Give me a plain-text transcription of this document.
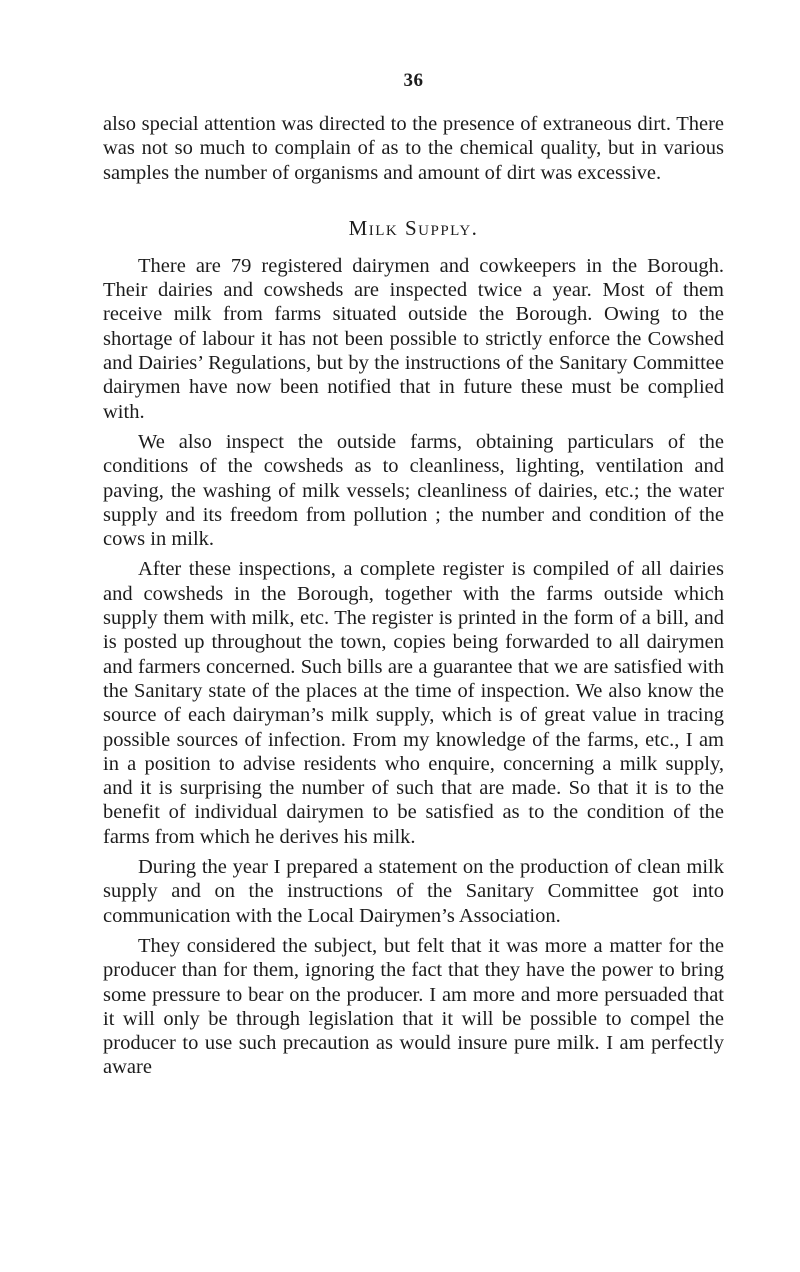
36

also special attention was directed to the presence of extraneous dirt. There was not so much to complain of as to the chemical quality, but in various samples the number of organisms and amount of dirt was excessive.

Milk Supply.

There are 79 registered dairymen and cowkeepers in the Borough. Their dairies and cowsheds are inspected twice a year. Most of them receive milk from farms situated outside the Borough. Owing to the shortage of labour it has not been possible to strictly enforce the Cowshed and Dairies’ Regulations, but by the instructions of the Sanitary Committee dairymen have now been notified that in future these must be complied with.

We also inspect the outside farms, obtaining particulars of the conditions of the cowsheds as to cleanliness, lighting, ventilation and paving, the washing of milk vessels; cleanliness of dairies, etc.; the water supply and its freedom from pollution ; the number and condition of the cows in milk.

After these inspections, a complete register is compiled of all dairies and cowsheds in the Borough, together with the farms outside which supply them with milk, etc. The register is printed in the form of a bill, and is posted up throughout the town, copies being forwarded to all dairymen and farmers concerned. Such bills are a guarantee that we are satisfied with the Sanitary state of the places at the time of inspection. We also know the source of each dairyman’s milk supply, which is of great value in tracing possible sources of infection. From my knowledge of the farms, etc., I am in a position to advise residents who enquire, concerning a milk supply, and it is surprising the number of such that are made. So that it is to the benefit of individual dairymen to be satisfied as to the condition of the farms from which he derives his milk.

During the year I prepared a statement on the production of clean milk supply and on the instructions of the Sanitary Committee got into communication with the Local Dairymen’s Association.

They considered the subject, but felt that it was more a matter for the producer than for them, ignoring the fact that they have the power to bring some pressure to bear on the producer. I am more and more persuaded that it will only be through legislation that it will be possible to compel the producer to use such precaution as would insure pure milk. I am perfectly aware
